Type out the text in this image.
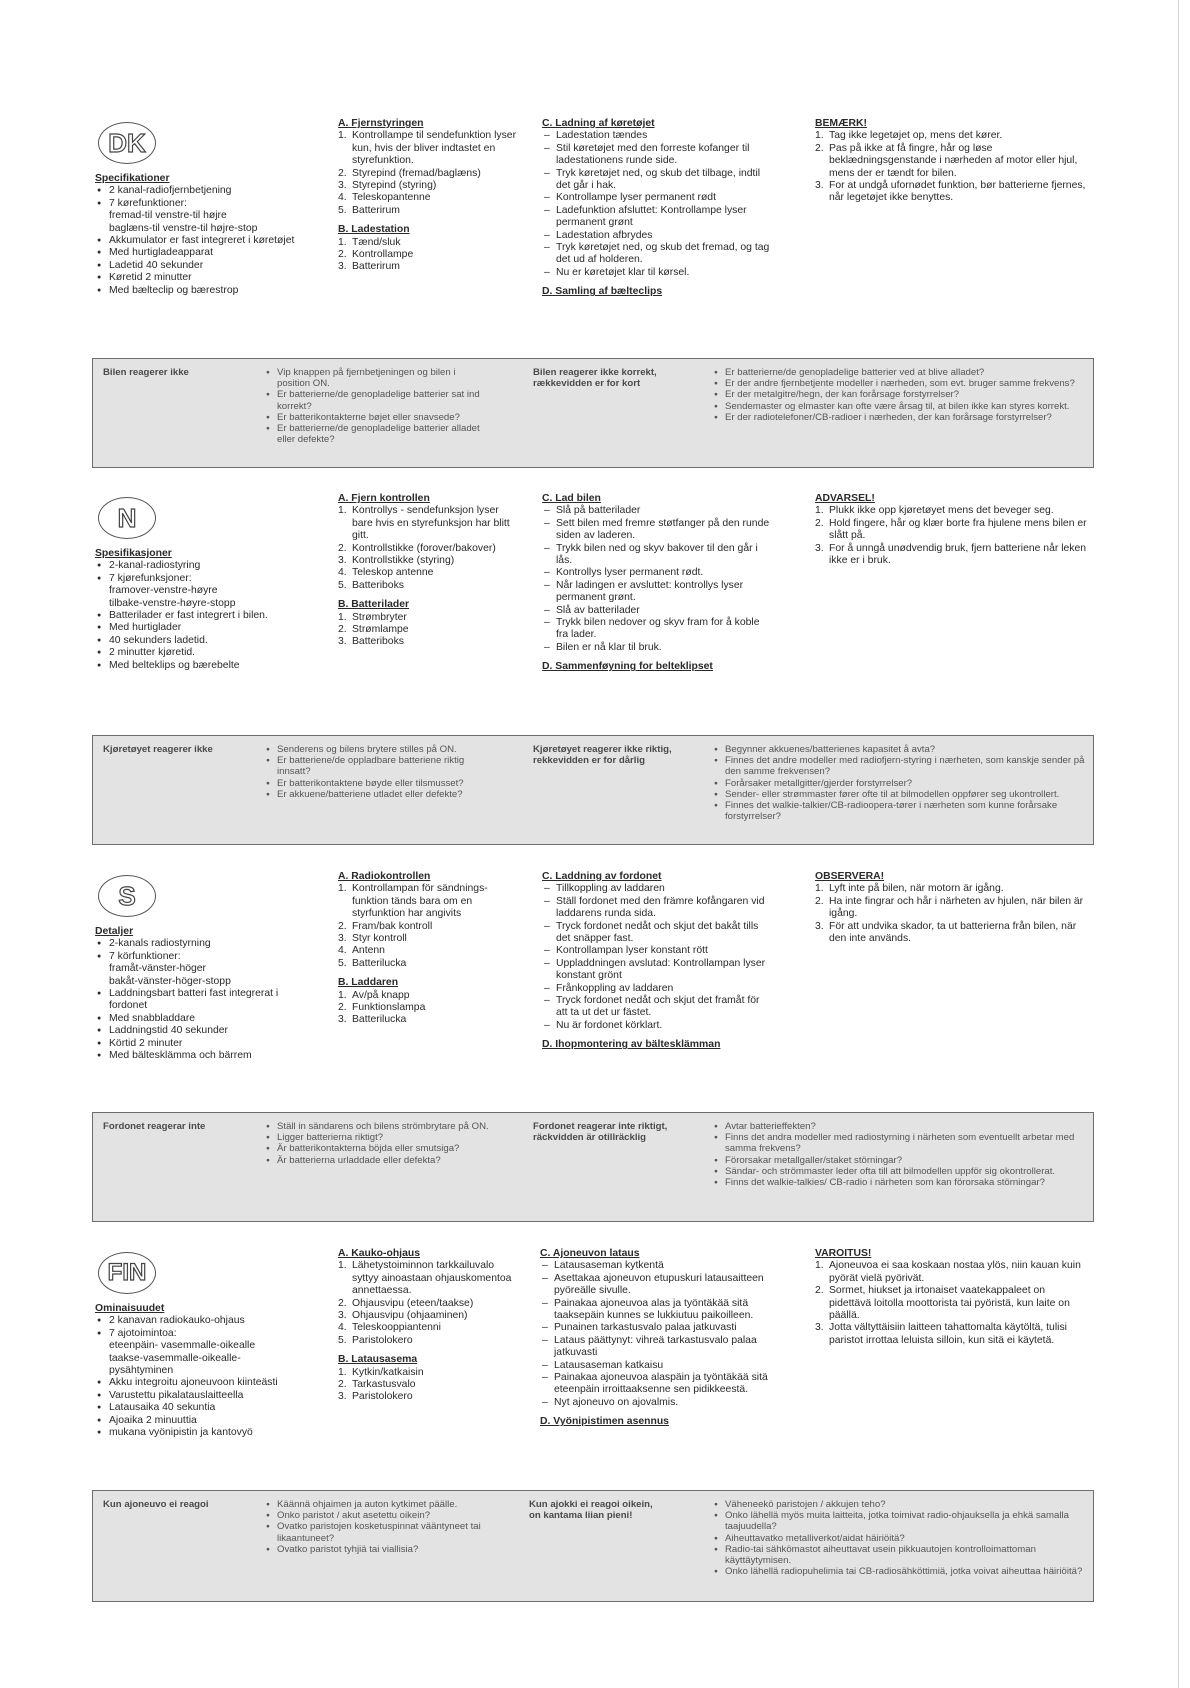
DK

Specifikationer

● 2 kanal-radiofjernbetjening
● 7 kørefunktioner:
fremad-til venstre-til højre
baglæns-til venstre-til højre-stop
● Akkumulator er fast integreret i køretøjet
● Med hurtigladeapparat
● Ladetid 40 sekunder
● Køretid 2 minutter
● Med bælteclip og bærestrop

A. Fjernstyringen

1. Kontrollampe til sendefunktion lyser kun, hvis der bliver indtastet en styrefunktion.
2. Styrepind (fremad/baglæns)
3. Styrepind (styring)
4. Teleskopantenne
5. Batterirum

B. Ladestation

1. Tænd/sluk
2. Kontrollampe
3. Batterirum

C. Ladning af køretøjet

– Ladestation tændes
– Stil køretøjet med den forreste kofanger til ladestationens runde side.
– Tryk køretøjet ned, og skub det tilbage, indtil det går i hak.
– Kontrollampe lyser permanent rødt
– Ladefunktion afsluttet: Kontrollampe lyser permanent grønt
– Ladestation afbrydes
– Tryk køretøjet ned, og skub det fremad, og tag det ud af holderen.
– Nu er køretøjet klar til kørsel.

D. Samling af bælteclips

BEMÆRK!

1. Tag ikke legetøjet op, mens det kører.
2. Pas på ikke at få fingre, hår og løse beklædningsgenstande i nærheden af motor eller hjul, mens der er tændt for bilen.
3. For at undgå ufornødet funktion, bør batterierne fjernes, når legetøjet ikke benyttes.
Bilen reagerer ikke	● Vip knappen på fjernbetjeningen og bilen i position ON.
● Er batterierne/de genopladelige batterier sat ind korrekt?
● Er batterikontakterne bøjet eller snavsede?
● Er batterierne/de genopladelige batterier alladet eller defekte?
Bilen reagerer ikke korrekt,
rækkevidden er for kort
● Er batterierne/de genopladelige batterier ved at blive alladet?
● Er der andre fjernbetjente modeller i nærheden, som evt. bruger samme frekvens?
● Er der metalgitre/hegn, der kan forårsage forstyrrelser?
● Sendemaster og elmaster kan ofte være årsag til, at bilen ikke kan styres korrekt.
● Er der radiotelefoner/CB-radioer i nærheden, der kan forårsage forstyrrelser?
N

Spesifikasjoner

● 2-kanal-radiostyring
● 7 kjørefunksjoner:
framover-venstre-høyre
tilbake-venstre-høyre-stopp
● Batterilader er fast integrert i bilen.
● Med hurtiglader
● 40 sekunders ladetid.
● 2 minutter kjøretid.
● Med belteklips og bærebelte

A. Fjern kontrollen

1. Kontrollys - sendefunksjon lyser bare hvis en styrefunksjon har blitt gitt.
2. Kontrollstikke (forover/bakover)
3. Kontrollstikke (styring)
4. Teleskop antenne
5. Batteriboks

B. Batterilader

1. Strømbryter
2. Strømlampe
3. Batteriboks

C. Lad bilen

– Slå på batterilader
– Sett bilen med fremre støtfanger på den runde siden av laderen.
– Trykk bilen ned og skyv bakover til den går i lås.
– Kontrollys lyser permanent rødt.
– Når ladingen er avsluttet: kontrollys lyser permanent grønt.
– Slå av batterilader
– Trykk bilen nedover og skyv fram for å koble fra lader.
– Bilen er nå klar til bruk.

D. Sammenføyning for belteklipset

ADVARSEL!

1. Plukk ikke opp kjøretøyet mens det beveger seg.
2. Hold fingere, hår og klær borte fra hjulene mens bilen er slått på.
3. For å unngå unødvendig bruk, fjern batteriene når leken ikke er i bruk.
Kjøretøyet reagerer ikke	● Senderens og bilens brytere stilles på ON.
● Er batteriene/de oppladbare batteriene riktig innsatt?
● Er batterikontaktene bøyde eller tilsmusset?
● Er akkuene/batteriene utladet eller defekte?
Kjøretøyet reagerer ikke riktig,
rekkevidden er for dårlig
● Begynner akkuenes/batterienes kapasitet å avta?
● Finnes det andre modeller med radiofjern-styring i nærheten, som kanskje sender på den samme frekvensen?
● Forårsaker metallgitter/gjerder forstyrrelser?
● Sender- eller strømmaster fører ofte til at bilmodellen oppfører seg ukontrollert.
● Finnes det walkie-talkier/CB-radioopera-tører i nærheten som kunne forårsake forstyrrelser?
S

Detaljer

● 2-kanals radiostyrning
● 7 körfunktioner:
framåt-vänster-höger
bakåt-vänster-höger-stopp
● Laddningsbart batteri fast integrerat i fordonet
● Med snabbladdare
● Laddningstid 40 sekunder
● Körtid 2 minuter
● Med bältesklämma och bärrem

A. Radiokontrollen

1. Kontrollampan för sändnings-funktion tänds bara om en styrfunktion har angivits
2. Fram/bak kontroll
3. Styr kontroll
4. Antenn
5. Batterilucka

B. Laddaren

1. Av/på knapp
2. Funktionslampa
3. Batterilucka

C. Laddning av fordonet

– Tillkoppling av laddaren
– Ställ fordonet med den främre kofångaren vid laddarens runda sida.
– Tryck fordonet nedåt och skjut det bakåt tills det snäpper fast.
– Kontrollampan lyser konstant rött
– Uppladdningen avslutad: Kontrollampan lyser konstant grönt
– Frånkoppling av laddaren
– Tryck fordonet nedåt och skjut det framåt för att ta ut det ur fästet.
– Nu är fordonet körklart.

D. Ihopmontering av bältesklämman

OBSERVERA!

1. Lyft inte på bilen, när motorn är igång.
2. Ha inte fingrar och hår i närheten av hjulen, när bilen är igång.
3. För att undvika skador, ta ut batterierna från bilen, när den inte används.
Fordonet reagerar inte	● Ställ in sändarens och bilens strömbrytare på ON.
● Ligger batterierna riktigt?
● Är batterikontakterna böjda eller smutsiga?
● Är batterierna urladdade eller defekta?
Fordonet reagerar inte riktigt,
räckvidden är otillräcklig
● Avtar batterieffekten?
● Finns det andra modeller med radiostyrning i närheten som eventuellt arbetar med samma frekvens?
● Förorsakar metallgaller/staket störningar?
● Sändar- och strömmaster leder ofta till att bilmodellen uppför sig okontrollerat.
● Finns det walkie-talkies/ CB-radio i närheten som kan förorsaka störningar?
FIN

Ominaisuudet

● 2 kanavan radiokauko-ohjaus
● 7 ajotoimintoa:
eteenpäin- vasemmalle-oikealle
taakse-vasemmalle-oikealle-
pysähtyminen
● Akku integroitu ajoneuvoon kiinteästi
● Varustettu pikalatauslaitteella
● Latausaika 40 sekuntia
● Ajoaika 2 minuuttia
● mukana vyönipistin ja kantovyö

A. Kauko-ohjaus

1. Lähetystoiminnon tarkkailuvalo syttyy ainoastaan ohjauskomentoa annettaessa.
2. Ohjausvipu (eteen/taakse)
3. Ohjausvipu (ohjaaminen)
4. Teleskooppiantenni
5. Paristolokero

B. Latausasema

1. Kytkin/katkaisin
2. Tarkastusvalo
3. Paristolokero

C. Ajoneuvon lataus

– Latausaseman kytkentä
– Asettakaa ajoneuvon etupuskuri latausaitteen pyöreälle sivulle.
– Painakaa ajoneuvoa alas ja työntäkää sitä taaksepäin kunnes se lukkiutuu paikoilleen.
– Punainen tarkastusvalo palaa jatkuvasti
– Lataus päättynyt: vihreä tarkastusvalo palaa jatkuvasti
– Latausaseman katkaisu
– Painakaa ajoneuvoa alaspäin ja työntäkää sitä eteenpäin irroittaaksenne sen pidikkeestä.
– Nyt ajoneuvo on ajovalmis.

D. Vyönipistimen asennus

VAROITUS!

1. Ajoneuvoa ei saa koskaan nostaa ylös, niin kauan kuin pyörät vielä pyörivät.
2. Sormet, hiukset ja irtonaiset vaatekappaleet on pidettävä loitolla moottorista tai pyöristä, kun laite on päällä.
3. Jotta vältyttäisiin laitteen tahattomalta käytöltä, tulisi paristot irrottaa leluista silloin, kun sitä ei käytetä.
Kun ajoneuvo ei reagoi	● Käännä ohjaimen ja auton kytkimet päälle.
● Onko paristot / akut asetettu oikein?
● Ovatko paristojen kosketuspinnat vääntyneet tai likaantuneet?
● Ovatko paristot tyhjiä tai viallisia?
Kun ajokki ei reagoi oikein,
on kantama liian pieni!
● Väheneekö paristojen / akkujen teho?
● Onko lähellä myös muita laitteita, jotka toimivat radio-ohjauksella ja ehkä samalla taajuudella?
● Aiheuttavatko metalliverkot/aidat häiriöitä?
● Radio-tai sähkömastot aiheuttavat usein pikkuautojen kontrolloimattoman käyttäytymisen.
● Onko lähellä radiopuhelimia tai CB-radiosähköttimiä, jotka voivat aiheuttaa häiriöitä?
